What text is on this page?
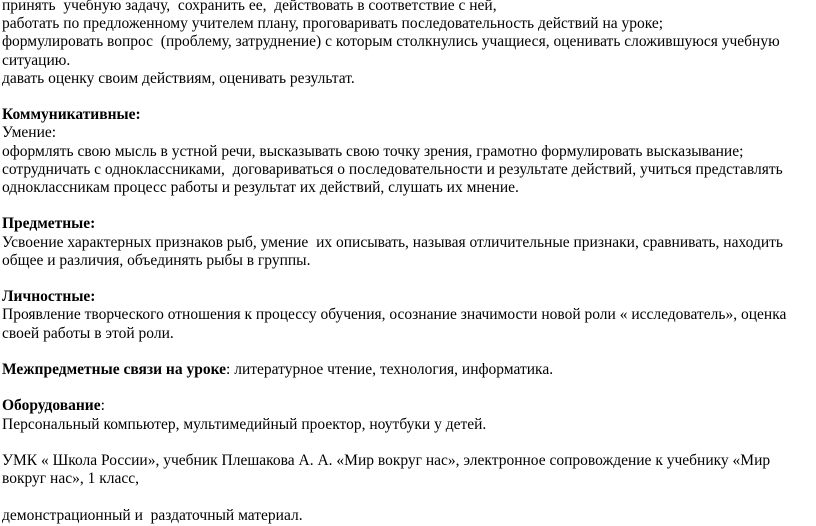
принять  учебную задачу,  сохранить ее,  действовать в соответствие с ней,
работать по предложенному учителем плану, проговаривать последовательность действий на уроке;
формулировать вопрос  (проблему, затруднение) с которым столкнулись учащиеся, оценивать сложившуюся учебную
ситуацию.
давать оценку своим действиям, оценивать результат.
Коммуникативные:
Умение:
оформлять свою мысль в устной речи, высказывать свою точку зрения, грамотно формулировать высказывание;
сотрудничать с одноклассниками,  договариваться о последовательности и результате действий, учиться представлять
одноклассникам процесс работы и результат их действий, слушать их мнение.
Предметные:
Усвоение характерных признаков рыб, умение  их описывать, называя отличительные признаки, сравнивать, находить
общее и различия, объединять рыбы в группы.
Личностные:
Проявление творческого отношения к процессу обучения, осознание значимости новой роли « исследователь», оценка
своей работы в этой роли.
Межпредметные связи на уроке: литературное чтение, технология, информатика.
Оборудование:
Персональный компьютер, мультимедийный проектор, ноутбуки у детей.
УМК « Школа России», учебник Плешакова А. А. «Мир вокруг нас», электронное сопровождение к учебнику «Мир
вокруг нас», 1 класс,
демонстрационный и  раздаточный материал.
